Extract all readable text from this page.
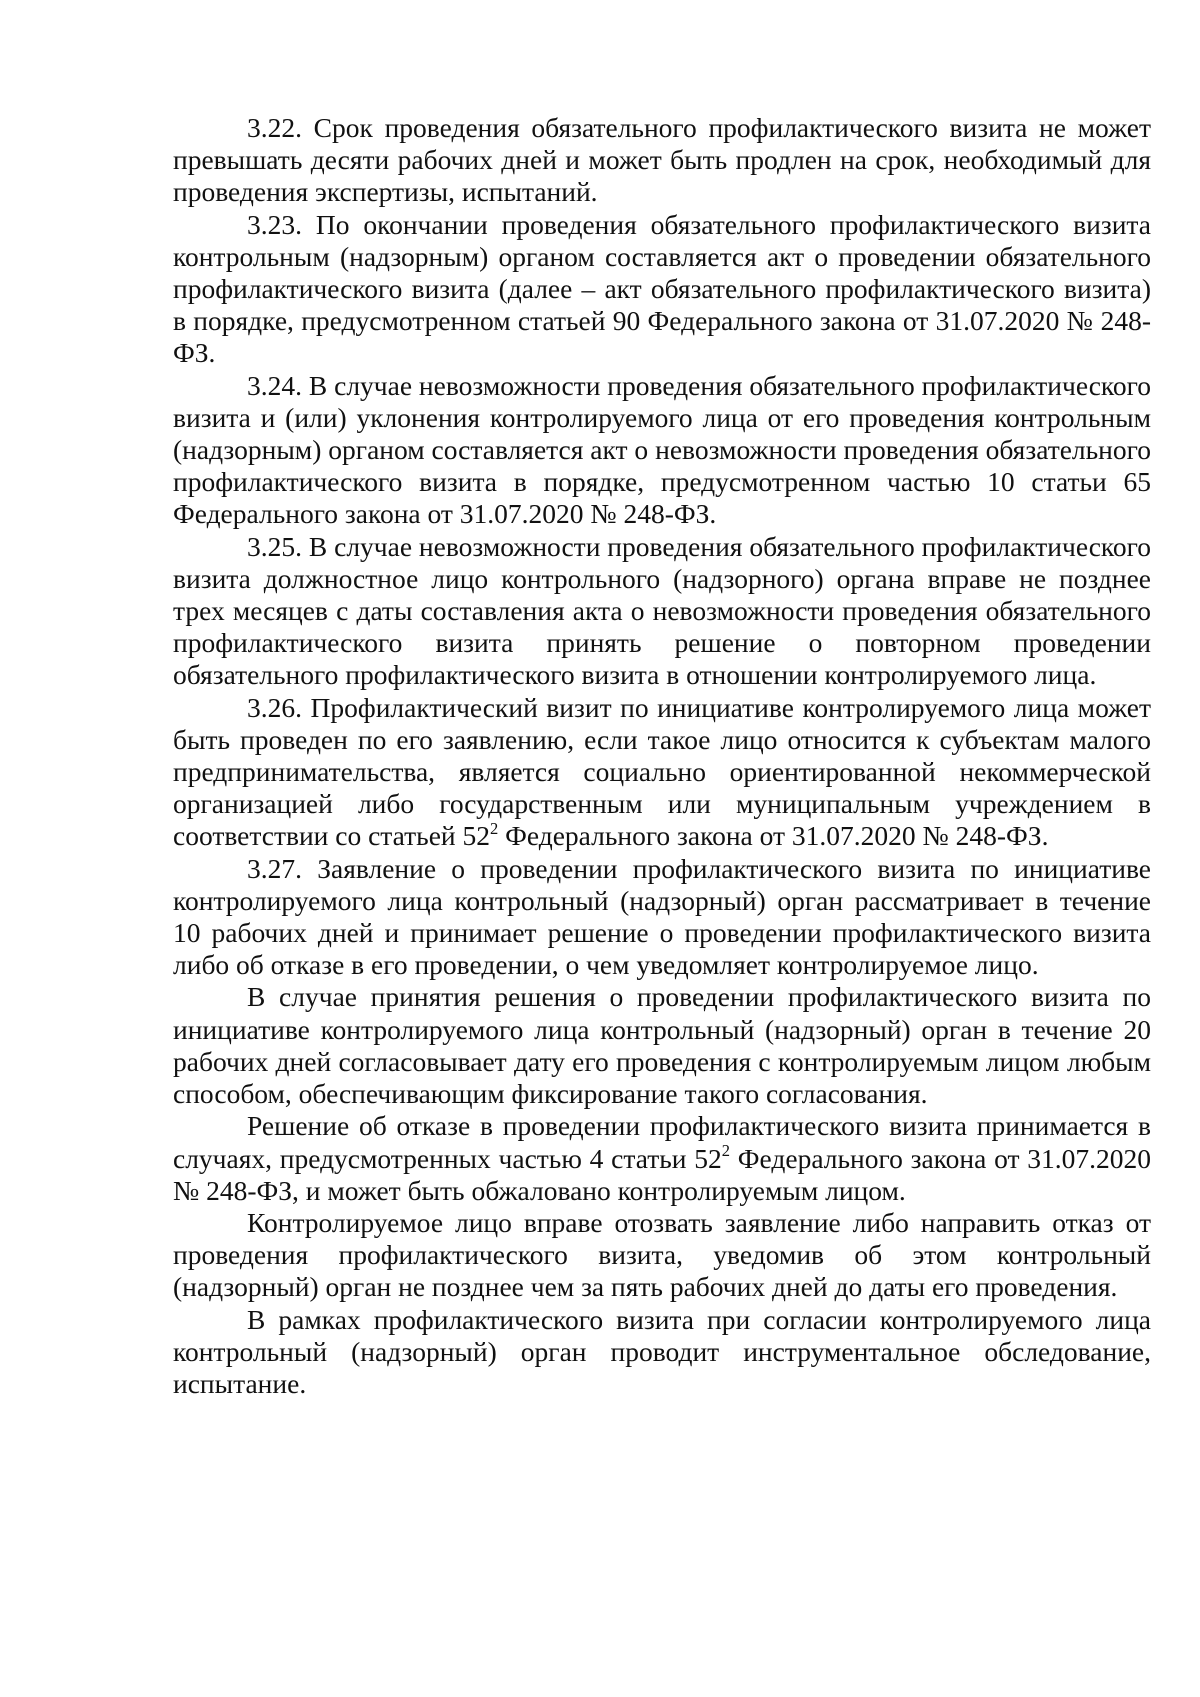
3.22. Срок проведения обязательного профилактического визита не может превышать десяти рабочих дней и может быть продлен на срок, необходимый для проведения экспертизы, испытаний.

3.23. По окончании проведения обязательного профилактического визита контрольным (надзорным) органом составляется акт о проведении обязательного профилактического визита (далее – акт обязательного профилактического визита) в порядке, предусмотренном статьей 90 Федерального закона от 31.07.2020 № 248-ФЗ.

3.24. В случае невозможности проведения обязательного профилактического визита и (или) уклонения контролируемого лица от его проведения контрольным (надзорным) органом составляется акт о невозможности проведения обязательного профилактического визита в порядке, предусмотренном частью 10 статьи 65 Федерального закона от 31.07.2020 № 248-ФЗ.

3.25. В случае невозможности проведения обязательного профилактического визита должностное лицо контрольного (надзорного) органа вправе не позднее трех месяцев с даты составления акта о невозможности проведения обязательного профилактического визита принять решение о повторном проведении обязательного профилактического визита в отношении контролируемого лица.

3.26. Профилактический визит по инициативе контролируемого лица может быть проведен по его заявлению, если такое лицо относится к субъектам малого предпринимательства, является социально ориентированной некоммерческой организацией либо государственным или муниципальным учреждением в соответствии со статьей $52^2$ Федерального закона от 31.07.2020 № 248-ФЗ.

3.27. Заявление о проведении профилактического визита по инициативе контролируемого лица контрольный (надзорный) орган рассматривает в течение 10 рабочих дней и принимает решение о проведении профилактического визита либо об отказе в его проведении, о чем уведомляет контролируемое лицо.

В случае принятия решения о проведении профилактического визита по инициативе контролируемого лица контрольный (надзорный) орган в течение 20 рабочих дней согласовывает дату его проведения с контролируемым лицом любым способом, обеспечивающим фиксирование такого согласования.

Решение об отказе в проведении профилактического визита принимается в случаях, предусмотренных частью 4 статьи $52^2$ Федерального закона от 31.07.2020 № 248-ФЗ, и может быть обжаловано контролируемым лицом.

Контролируемое лицо вправе отозвать заявление либо направить отказ от проведения профилактического визита, уведомив об этом контрольный (надзорный) орган не позднее чем за пять рабочих дней до даты его проведения.

В рамках профилактического визита при согласии контролируемого лица контрольный (надзорный) орган проводит инструментальное обследование, испытание.
